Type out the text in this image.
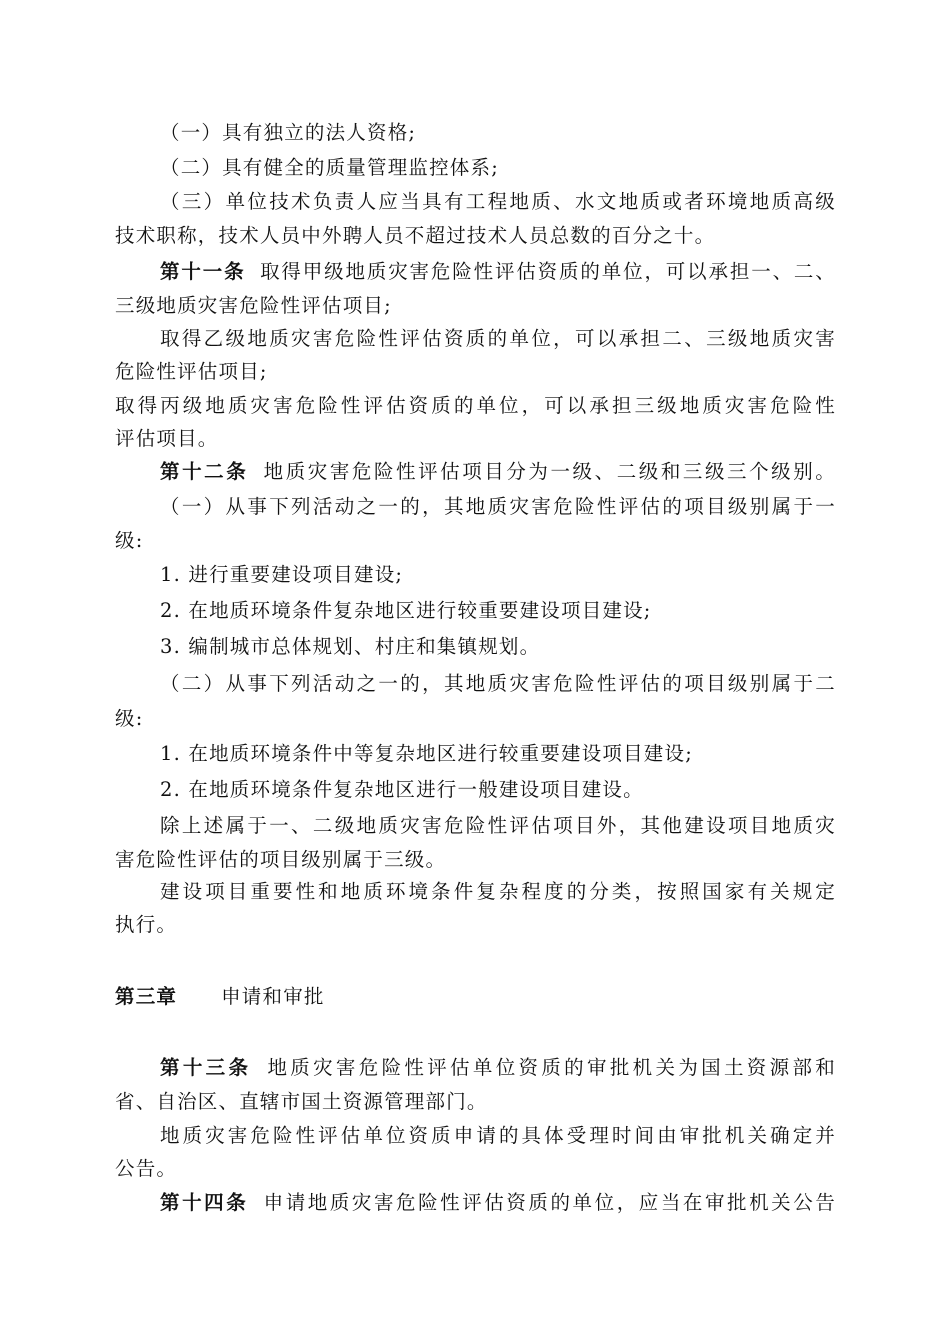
（一）具有独立的法人资格;
（二）具有健全的质量管理监控体系;
（三）单位技术负责人应当具有工程地质、水文地质或者环境地质高级
技术职称，技术人员中外聘人员不超过技术人员总数的百分之十。
第十一条 取得甲级地质灾害危险性评估资质的单位，可以承担一、二、
三级地质灾害危险性评估项目;
取得乙级地质灾害危险性评估资质的单位，可以承担二、三级地质灾害
危险性评估项目;
取得丙级地质灾害危险性评估资质的单位，可以承担三级地质灾害危险性
评估项目。
第十二条 地质灾害危险性评估项目分为一级、二级和三级三个级别。
（一）从事下列活动之一的，其地质灾害危险性评估的项目级别属于一
级:
1. 进行重要建设项目建设;
2. 在地质环境条件复杂地区进行较重要建设项目建设;
3. 编制城市总体规划、村庄和集镇规划。
（二）从事下列活动之一的，其地质灾害危险性评估的项目级别属于二
级:
1. 在地质环境条件中等复杂地区进行较重要建设项目建设;
2. 在地质环境条件复杂地区进行一般建设项目建设。
除上述属于一、二级地质灾害危险性评估项目外，其他建设项目地质灾
害危险性评估的项目级别属于三级。
建设项目重要性和地质环境条件复杂程度的分类，按照国家有关规定
执行。
第三章 申请和审批
第十三条 地质灾害危险性评估单位资质的审批机关为国土资源部和
省、自治区、直辖市国土资源管理部门。
地质灾害危险性评估单位资质申请的具体受理时间由审批机关确定并
公告。
第十四条 申请地质灾害危险性评估资质的单位，应当在审批机关公告
